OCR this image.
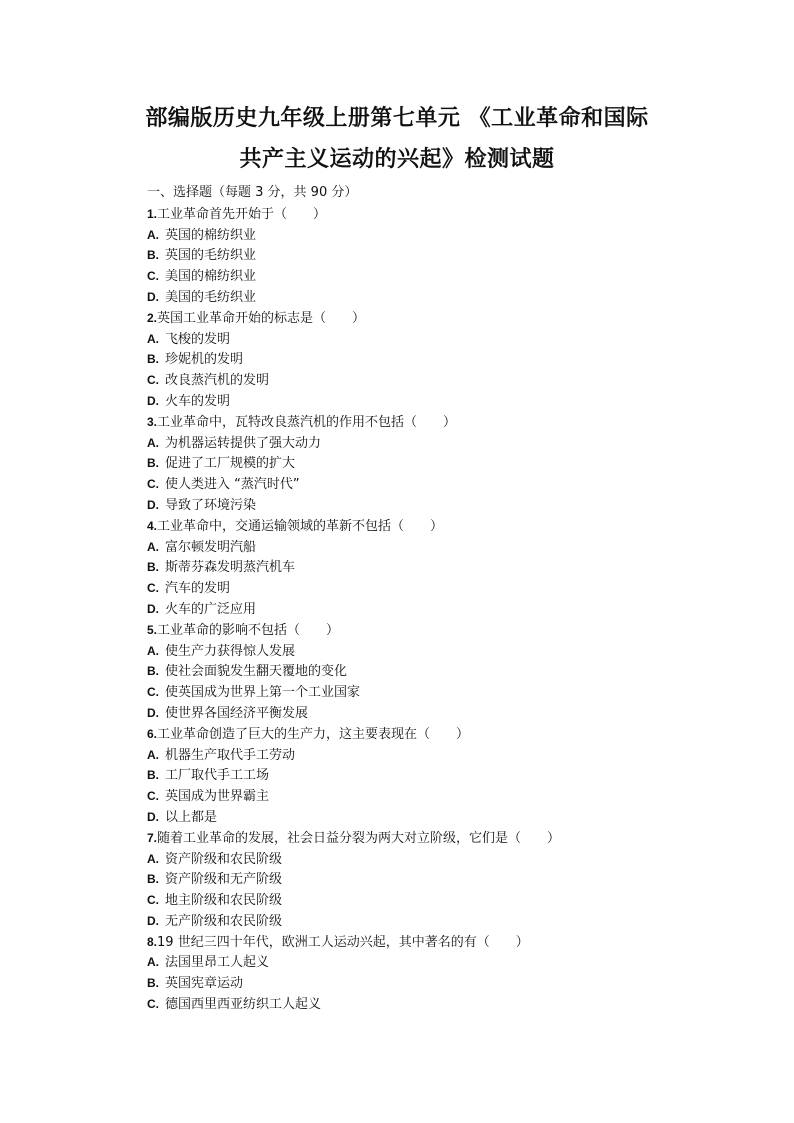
部编版历史九年级上册第七单元 《工业革命和国际
共产主义运动的兴起》检测试题
一、选择题（每题 3 分，共 90 分）
1.工业革命首先开始于（　　）
A. 英国的棉纺织业
B. 英国的毛纺织业
C. 美国的棉纺织业
D. 美国的毛纺织业
2.英国工业革命开始的标志是（　　）
A. 飞梭的发明
B. 珍妮机的发明
C. 改良蒸汽机的发明
D. 火车的发明
3.工业革命中，瓦特改良蒸汽机的作用不包括（　　）
A. 为机器运转提供了强大动力
B. 促进了工厂规模的扩大
C. 使人类进入 “蒸汽时代”
D. 导致了环境污染
4.工业革命中，交通运输领域的革新不包括（　　）
A. 富尔顿发明汽船
B. 斯蒂芬森发明蒸汽机车
C. 汽车的发明
D. 火车的广泛应用
5.工业革命的影响不包括（　　）
A. 使生产力获得惊人发展
B. 使社会面貌发生翻天覆地的变化
C. 使英国成为世界上第一个工业国家
D. 使世界各国经济平衡发展
6.工业革命创造了巨大的生产力，这主要表现在（　　）
A. 机器生产取代手工劳动
B. 工厂取代手工工场
C. 英国成为世界霸主
D. 以上都是
7.随着工业革命的发展，社会日益分裂为两大对立阶级，它们是（　　）
A. 资产阶级和农民阶级
B. 资产阶级和无产阶级
C. 地主阶级和农民阶级
D. 无产阶级和农民阶级
8.19 世纪三四十年代，欧洲工人运动兴起，其中著名的有（　　）
A. 法国里昂工人起义
B. 英国宪章运动
C. 德国西里西亚纺织工人起义
